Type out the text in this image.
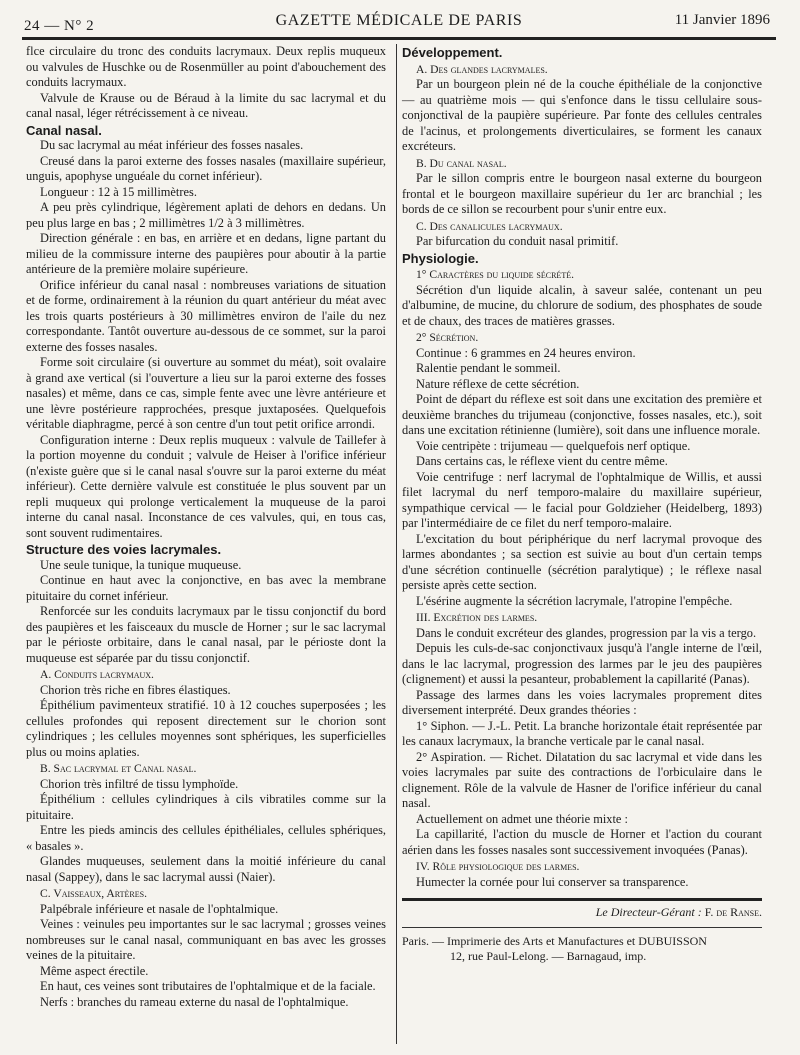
24 — N° 2	GAZETTE MÉDICALE DE PARIS	11 Janvier 1896

flce circulaire du tronc des conduits lacrymaux. Deux replis muqueux ou valvules de Huschke ou de Rosenmüller au point d'abouchement des conduits lacrymaux.

Valvule de Krause ou de Béraud à la limite du sac lacrymal et du canal nasal, léger rétrécissement à ce niveau.

Canal nasal.

Du sac lacrymal au méat inférieur des fosses nasales.

Creusé dans la paroi externe des fosses nasales (maxillaire supérieur, unguis, apophyse unguéale du cornet inférieur).

Longueur : 12 à 15 millimètres.

A peu près cylindrique, légèrement aplati de dehors en dedans. Un peu plus large en bas ; 2 millimètres 1/2 à 3 millimètres.

Direction générale : en bas, en arrière et en dedans, ligne partant du milieu de la commissure interne des paupières pour aboutir à la partie antérieure de la première molaire supérieure.

Orifice inférieur du canal nasal : nombreuses variations de situation et de forme, ordinairement à la réunion du quart antérieur du méat avec les trois quarts postérieurs à 30 millimètres environ de l'aile du nez correspondante. Tantôt ouverture au-dessous de ce sommet, sur la paroi externe des fosses nasales.

Forme soit circulaire (si ouverture au sommet du méat), soit ovalaire à grand axe vertical (si l'ouverture a lieu sur la paroi externe des fosses nasales) et même, dans ce cas, simple fente avec une lèvre antérieure et une lèvre postérieure rapprochées, presque juxtaposées. Quelquefois véritable diaphragme, percé à son centre d'un tout petit orifice arrondi.

Configuration interne : Deux replis muqueux : valvule de Taillefer à la portion moyenne du conduit ; valvule de Heiser à l'orifice inférieur (n'existe guère que si le canal nasal s'ouvre sur la paroi externe du méat inférieur). Cette dernière valvule est constituée le plus souvent par un repli muqueux qui prolonge verticalement la muqueuse de la paroi interne du canal nasal. Inconstance de ces valvules, qui, en tous cas, sont souvent rudimentaires.

Structure des voies lacrymales.

Une seule tunique, la tunique muqueuse.

Continue en haut avec la conjonctive, en bas avec la membrane pituitaire du cornet inférieur.

Renforcée sur les conduits lacrymaux par le tissu conjonctif du bord des paupières et les faisceaux du muscle de Horner ; sur le sac lacrymal par le périoste orbitaire, dans le canal nasal, par le périoste dont la muqueuse est séparée par du tissu conjonctif.

A. Conduits lacrymaux.

Chorion très riche en fibres élastiques.

Épithélium pavimenteux stratifié. 10 à 12 couches superposées ; les cellules profondes qui reposent directement sur le chorion sont cylindriques ; les cellules moyennes sont sphériques, les superficielles plus ou moins aplaties.

B. Sac lacrymal et Canal nasal.

Chorion très infiltré de tissu lymphoïde.

Épithélium : cellules cylindriques à cils vibratiles comme sur la pituitaire.

Entre les pieds amincis des cellules épithéliales, cellules sphériques, « basales ».

Glandes muqueuses, seulement dans la moitié inférieure du canal nasal (Sappey), dans le sac lacrymal aussi (Naier).

C. Vaisseaux, Artères.

Palpébrale inférieure et nasale de l'ophtalmique.

Veines : veinules peu importantes sur le sac lacrymal ; grosses veines nombreuses sur le canal nasal, communiquant en bas avec les grosses veines de la pituitaire.

Même aspect érectile.

En haut, ces veines sont tributaires de l'ophtalmique et de la faciale.

Nerfs : branches du rameau externe du nasal de l'ophtalmique.

Développement.

A. Des glandes lacrymales.

Par un bourgeon plein né de la couche épithéliale de la conjonctive — au quatrième mois — qui s'enfonce dans le tissu cellulaire sous-conjonctival de la paupière supérieure. Par fonte des cellules centrales de l'acinus, et prolongements diverticulaires, se forment les canaux excréteurs.

B. Du canal nasal.

Par le sillon compris entre le bourgeon nasal externe du bourgeon frontal et le bourgeon maxillaire supérieur du 1er arc branchial ; les bords de ce sillon se recourbent pour s'unir entre eux.

C. Des canalicules lacrymaux.

Par bifurcation du conduit nasal primitif.

Physiologie.

1° Caractères du liquide sécrété.

Sécrétion d'un liquide alcalin, à saveur salée, contenant un peu d'albumine, de mucine, du chlorure de sodium, des phosphates de soude et de chaux, des traces de matières grasses.

2° Sécrétion.

Continue : 6 grammes en 24 heures environ.

Ralentie pendant le sommeil.

Nature réflexe de cette sécrétion.

Point de départ du réflexe est soit dans une excitation des première et deuxième branches du trijumeau (conjonctive, fosses nasales, etc.), soit dans une excitation rétinienne (lumière), soit dans une influence morale.

Voie centripète : trijumeau — quelquefois nerf optique.

Dans certains cas, le réflexe vient du centre même.

Voie centrifuge : nerf lacrymal de l'ophtalmique de Willis, et aussi filet lacrymal du nerf temporo-malaire du maxillaire supérieur, sympathique cervical — le facial pour Goldzieher (Heidelberg, 1893) par l'intermédiaire de ce filet du nerf temporo-malaire.

L'excitation du bout périphérique du nerf lacrymal provoque des larmes abondantes ; sa section est suivie au bout d'un certain temps d'une sécrétion continuelle (sécrétion paralytique) ; le réflexe nasal persiste après cette section.

L'ésérine augmente la sécrétion lacrymale, l'atropine l'empêche.

III. Excrétion des larmes.

Dans le conduit excréteur des glandes, progression par la vis a tergo.

Depuis les culs-de-sac conjonctivaux jusqu'à l'angle interne de l'œil, dans le lac lacrymal, progression des larmes par le jeu des paupières (clignement) et aussi la pesanteur, probablement la capillarité (Panas).

Passage des larmes dans les voies lacrymales proprement dites diversement interprété. Deux grandes théories :

1° Siphon. — J.-L. Petit. La branche horizontale était représentée par les canaux lacrymaux, la branche verticale par le canal nasal.

2° Aspiration. — Richet. Dilatation du sac lacrymal et vide dans les voies lacrymales par suite des contractions de l'orbiculaire dans le clignement. Rôle de la valvule de Hasner de l'orifice inférieur du canal nasal.

Actuellement on admet une théorie mixte :

La capillarité, l'action du muscle de Horner et l'action du courant aérien dans les fosses nasales sont successivement invoquées (Panas).

IV. Rôle physiologique des larmes.

Humecter la cornée pour lui conserver sa transparence.

Le Directeur-Gérant : F. de Ranse.
Paris. — Imprimerie des Arts et Manufactures et DUBUISSON
12, rue Paul-Lelong. — Barnagaud, imp.
